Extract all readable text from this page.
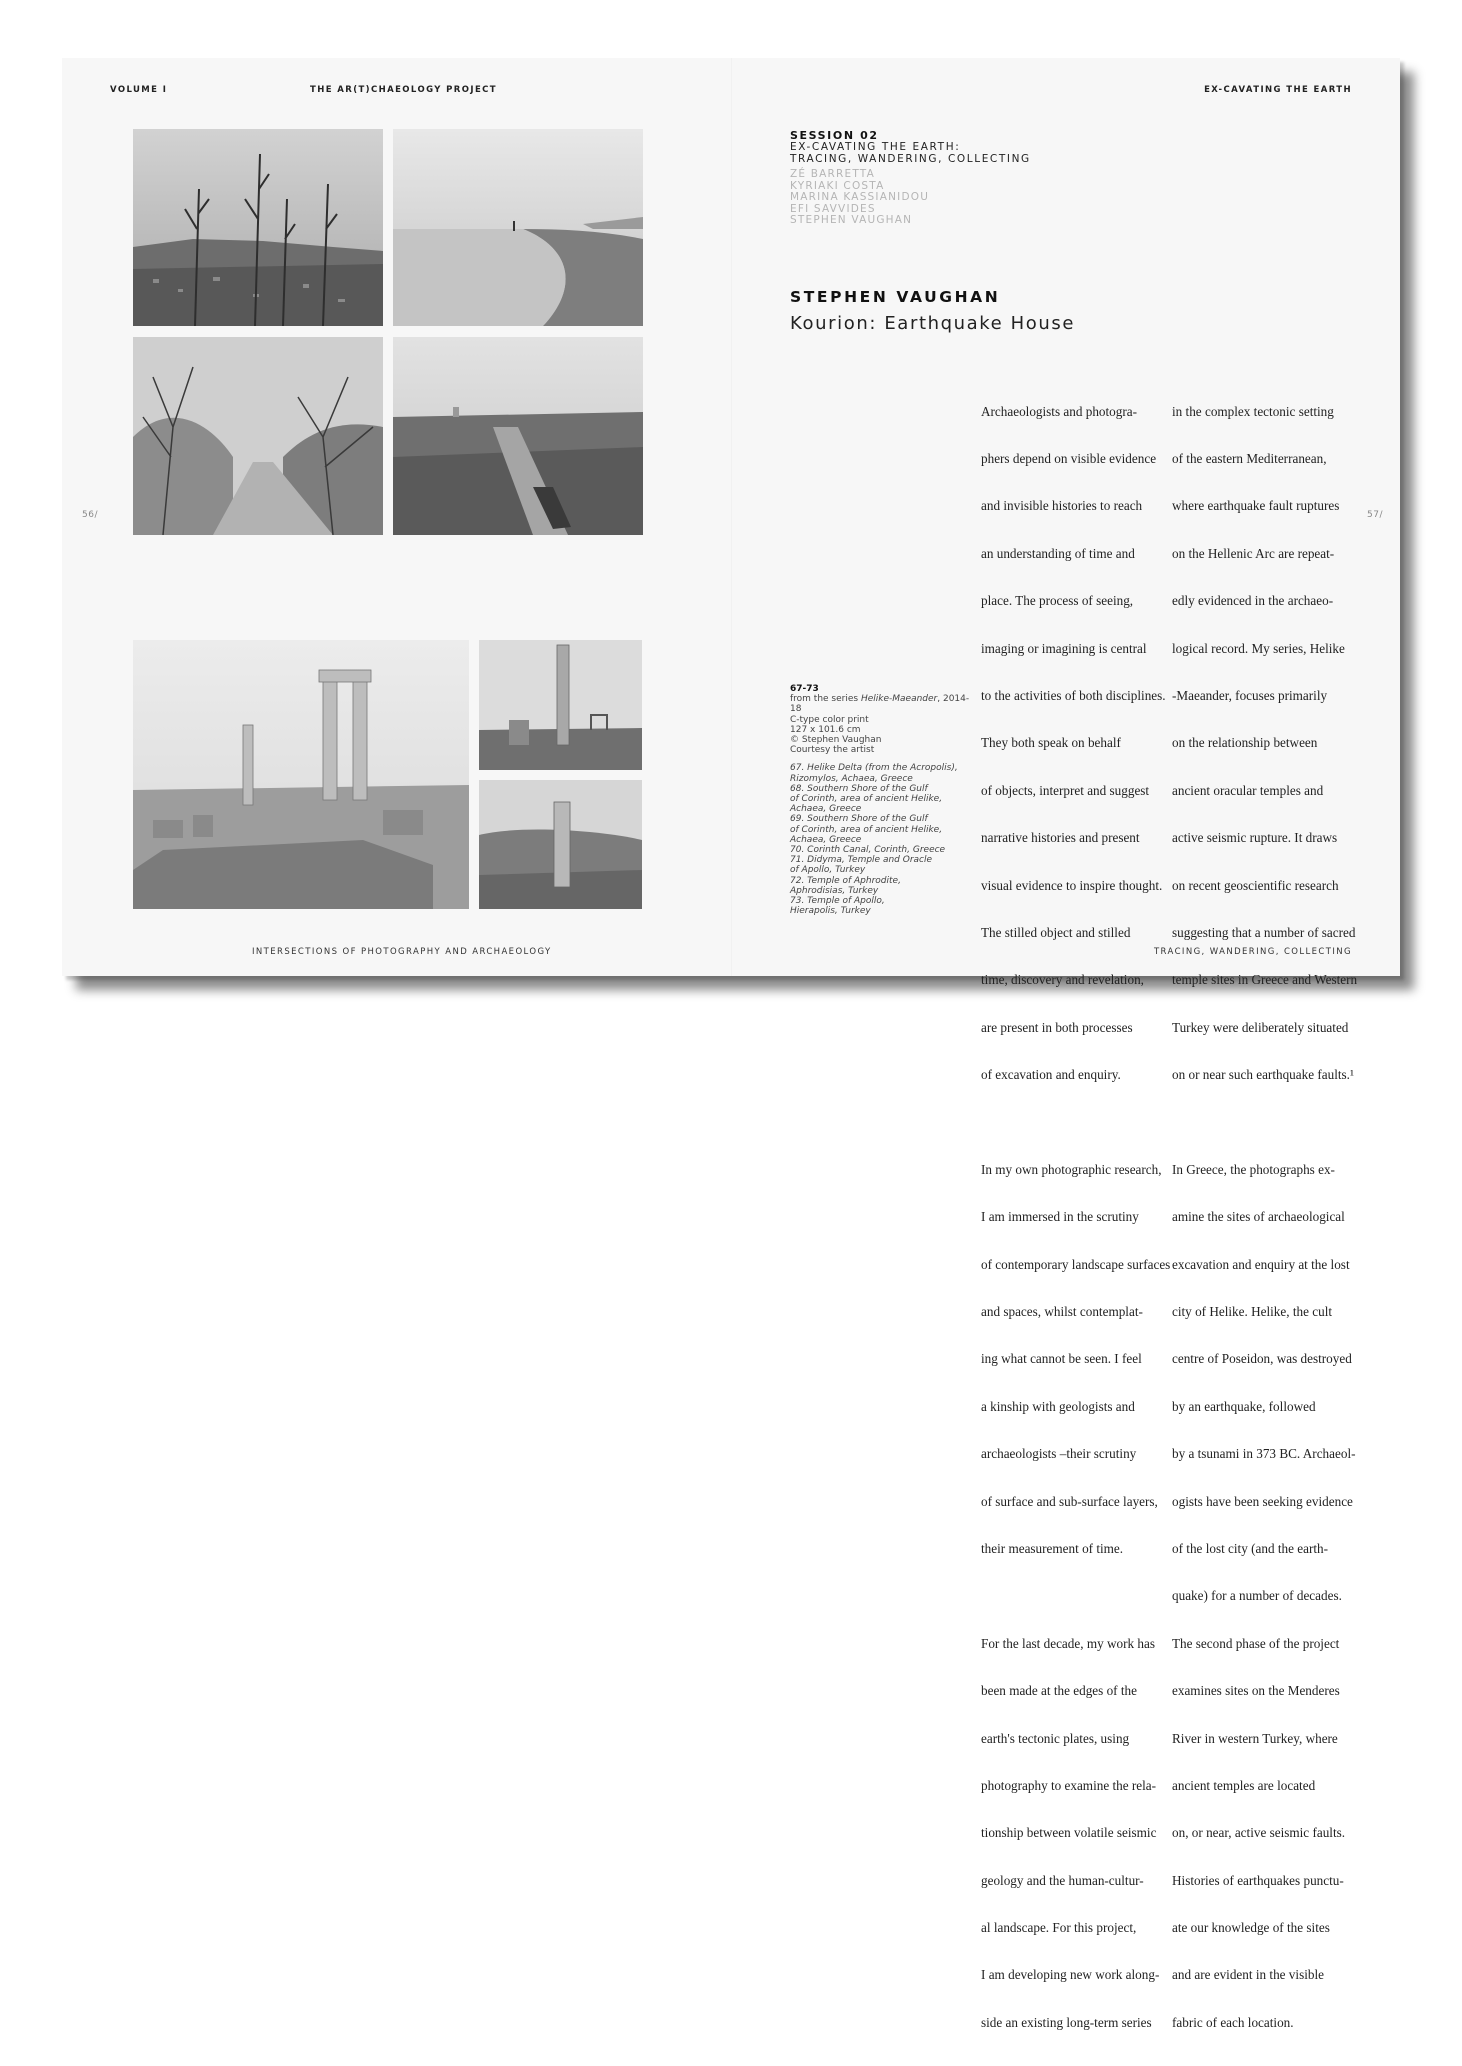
VOLUME I	THE AR(T)CHAEOLOGY PROJECT	EX-CAVATING THE EARTH
56/	57/
INTERSECTIONS OF PHOTOGRAPHY AND ARCHAEOLOGY	TRACING, WANDERING, COLLECTING
SESSION 02
EX-CAVATING THE EARTH:
TRACING, WANDERING, COLLECTING
ZÉ BARRETTA
KYRIAKI COSTA
MARINA KASSIANIDOU
EFI SAVVIDES
STEPHEN VAUGHAN
STEPHEN VAUGHAN
Kourion: Earthquake House
67-73
from the series Helike-Maeander, 2014-18
C-type color print
127 x 101.6 cm
© Stephen Vaughan
Courtesy the artist
67. Helike Delta (from the Acropolis),
Rizomylos, Achaea, Greece
68. Southern Shore of the Gulf
of Corinth, area of ancient Helike,
Achaea, Greece
69. Southern Shore of the Gulf
of Corinth, area of ancient Helike,
Achaea, Greece
70. Corinth Canal, Corinth, Greece
71. Didyma, Temple and Oracle
of Apollo, Turkey
72. Temple of Aphrodite,
Aphrodisias, Turkey
73. Temple of Apollo,
Hierapolis, Turkey

Archaeologists and photogra-

phers depend on visible evidence

and invisible histories to reach

an understanding of time and

place. The process of seeing,

imaging or imagining is central

to the activities of both disciplines.

They both speak on behalf

of objects, interpret and suggest

narrative histories and present

visual evidence to inspire thought.

The stilled object and stilled

time, discovery and revelation,

are present in both processes

of excavation and enquiry.

In my own photographic research,

I am immersed in the scrutiny

of contemporary landscape surfaces

and spaces, whilst contemplat-

ing what cannot be seen. I feel

a kinship with geologists and

archaeologists –their scrutiny

of surface and sub-surface layers,

their measurement of time.

For the last decade, my work has

been made at the edges of the

earth's tectonic plates, using

photography to examine the rela-

tionship between volatile seismic

geology and the human-cultur-

al landscape. For this project,

I am developing new work along-

side an existing long-term series

in the complex tectonic setting

of the eastern Mediterranean,

where earthquake fault ruptures

on the Hellenic Arc are repeat-

edly evidenced in the archaeo-

logical record. My series, Helike

-Maeander, focuses primarily

on the relationship between

ancient oracular temples and

active seismic rupture. It draws

on recent geoscientific research

suggesting that a number of sacred

temple sites in Greece and Western

Turkey were deliberately situated

on or near such earthquake faults.¹

In Greece, the photographs ex-

amine the sites of archaeological

excavation and enquiry at the lost

city of Helike. Helike, the cult

centre of Poseidon, was destroyed

by an earthquake, followed

by a tsunami in 373 BC. Archaeol-

ogists have been seeking evidence

of the lost city (and the earth-

quake) for a number of decades.

The second phase of the project

examines sites on the Menderes

River in western Turkey, where

ancient temples are located

on, or near, active seismic faults.

Histories of earthquakes punctu-

ate our knowledge of the sites

and are evident in the visible

fabric of each location.
